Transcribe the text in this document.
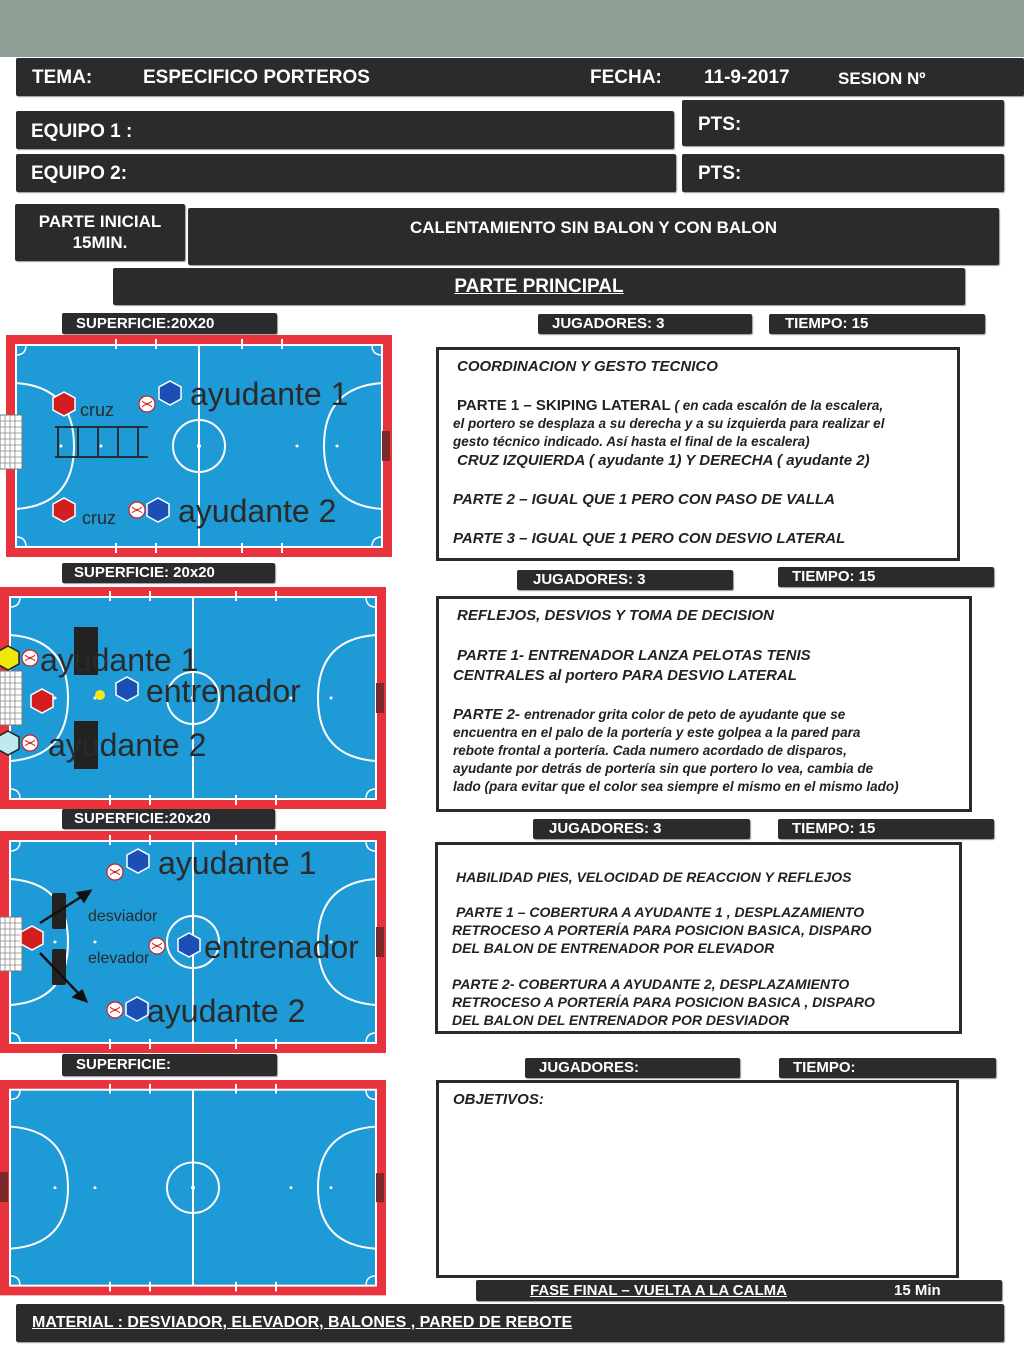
TEMA:	ESPECIFICO PORTEROS	FECHA: 11-9-2017	SESION Nº
EQUIPO 1 :	PTS:
EQUIPO 2:	PTS:
PARTE INICIAL
15MIN.
CALENTAMIENTO SIN BALON Y CON BALON
PARTE PRINCIPAL
SUPERFICIE:20X20	JUGADORES: 3	TIEMPO: 15
cruz
cruz
ayudante 1
ayudante 2

COORDINACION Y GESTO TECNICO

PARTE 1 – SKIPING LATERAL ( en cada escalón de la escalera,

el portero se desplaza a su derecha y a su izquierda para realizar el

gesto técnico indicado. Así hasta el final de la escalera)

CRUZ IZQUIERDA ( ayudante 1) Y DERECHA ( ayudante 2)

PARTE 2 – IGUAL QUE 1 PERO CON PASO DE VALLA

PARTE 3 – IGUAL QUE 1 PERO CON DESVIO LATERAL

SUPERFICIE: 20x20	JUGADORES: 3	TIEMPO: 15
ayudante 1
entrenador
ayudante 2

REFLEJOS, DESVIOS Y TOMA DE DECISION

PARTE 1- ENTRENADOR LANZA PELOTAS TENIS

CENTRALES al portero PARA DESVIO LATERAL

PARTE 2- entrenador grita color de peto de ayudante que se

encuentra en el palo de la portería y este golpea a la pared para

rebote frontal a portería. Cada numero acordado de disparos,

ayudante por detrás de portería sin que portero lo vea, cambia de

lado (para evitar que el color sea siempre el mismo en el mismo lado)

SUPERFICIE:20x20
JUGADORES: 3	TIEMPO: 15
desviador
elevador
ayudante 1
entrenador
ayudante 2

HABILIDAD PIES, VELOCIDAD DE REACCION Y REFLEJOS

PARTE 1 – COBERTURA A AYUDANTE 1 , DESPLAZAMIENTO

RETROCESO A PORTERÍA PARA POSICION BASICA, DISPARO

DEL BALON DE ENTRENADOR POR ELEVADOR

PARTE 2- COBERTURA A AYUDANTE 2, DESPLAZAMIENTO

RETROCESO A PORTERÍA PARA POSICION BASICA , DISPARO

DEL BALON DEL ENTRENADOR POR DESVIADOR

SUPERFICIE:	JUGADORES:	TIEMPO:

OBJETIVOS:

FASE FINAL – VUELTA A LA CALMA	15 Min
MATERIAL : DESVIADOR, ELEVADOR, BALONES , PARED DE REBOTE
